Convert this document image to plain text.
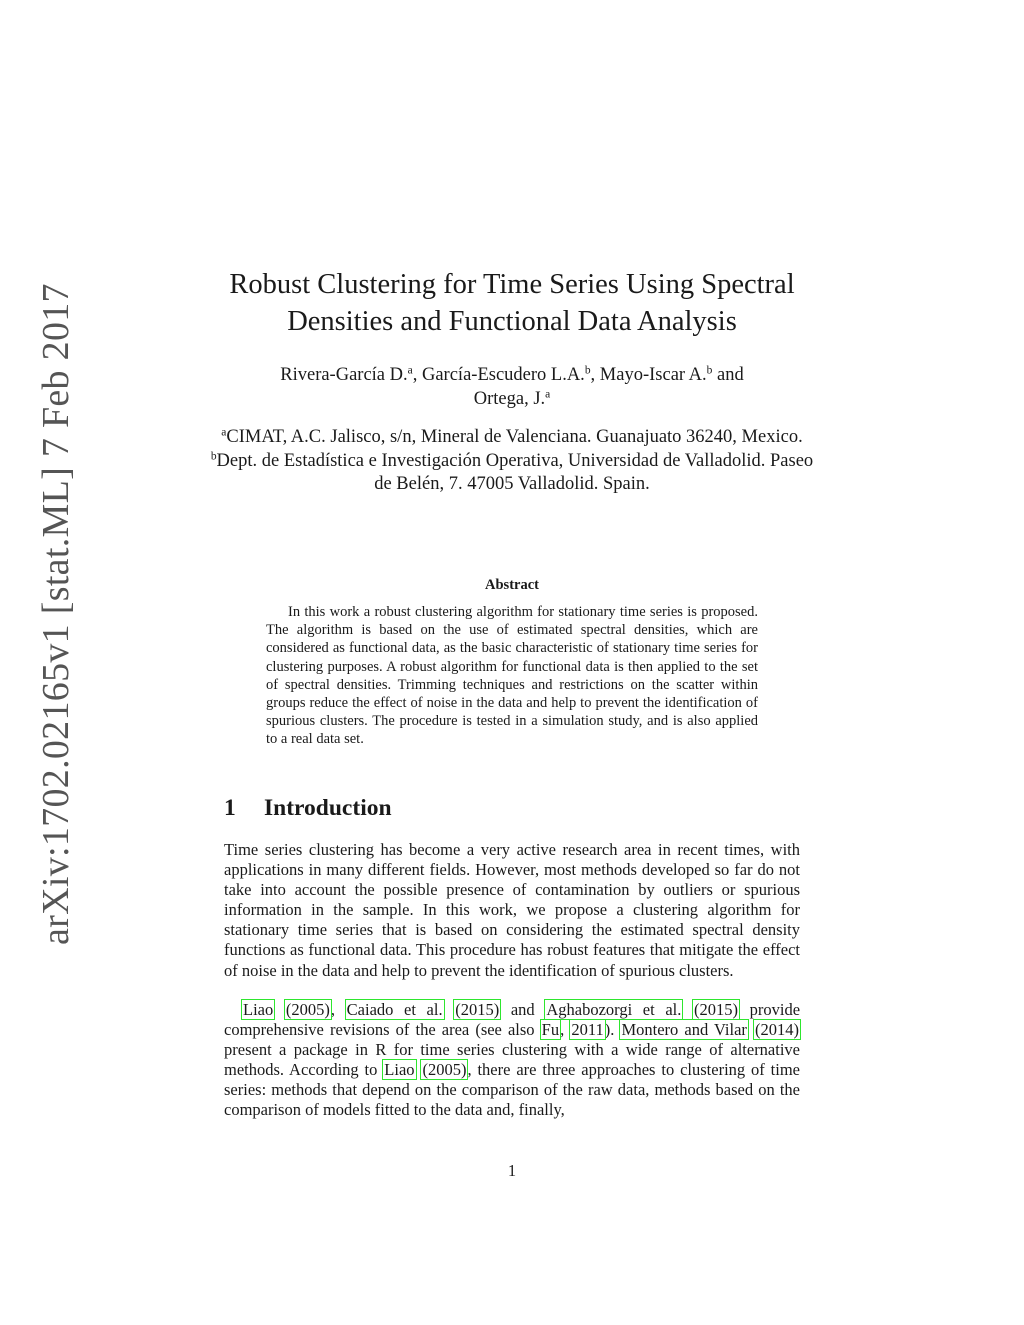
arXiv:1702.02165v1 [stat.ML] 7 Feb 2017	Robust Clustering for Time Series Using Spectral
Densities and Functional Data Analysis
Rivera-García D.$^a$, García-Escudero L.A.$^b$, Mayo-Iscar A.$^b$ and
Ortega, J.$^a$
$^a$CIMAT, A.C. Jalisco, s/n, Mineral de Valenciana. Guanajuato 36240, Mexico.
$^b$Dept. de Estadística e Investigación Operativa, Universidad de Valladolid. Paseo de Belén, 7. 47005 Valladolid. Spain.
Abstract
In this work a robust clustering algorithm for stationary time series is proposed. The algorithm is based on the use of estimated spectral densities, which are considered as functional data, as the basic characteristic of stationary time series for clustering purposes. A robust algorithm for functional data is then applied to the set of spectral densities. Trimming techniques and restrictions on the scatter within groups reduce the effect of noise in the data and help to prevent the identification of spurious clusters. The procedure is tested in a simulation study, and is also applied to a real data set.
1 Introduction
Time series clustering has become a very active research area in recent times, with applications in many different fields. However, most methods developed so far do not take into account the possible presence of contamination by outliers or spurious information in the sample. In this work, we propose a clustering algorithm for stationary time series that is based on considering the estimated spectral density functions as functional data. This procedure has robust features that mitigate the effect of noise in the data and help to prevent the identification of spurious clusters.
Liao (2005), Caiado et al. (2015) and Aghabozorgi et al. (2015) provide comprehensive revisions of the area (see also Fu, 2011). Montero and Vilar (2014) present a package in R for time series clustering with a wide range of alternative methods. According to Liao (2005), there are three approaches to clustering of time series: methods that depend on the comparison of the raw data, methods based on the comparison of models fitted to the data and, finally,
1
